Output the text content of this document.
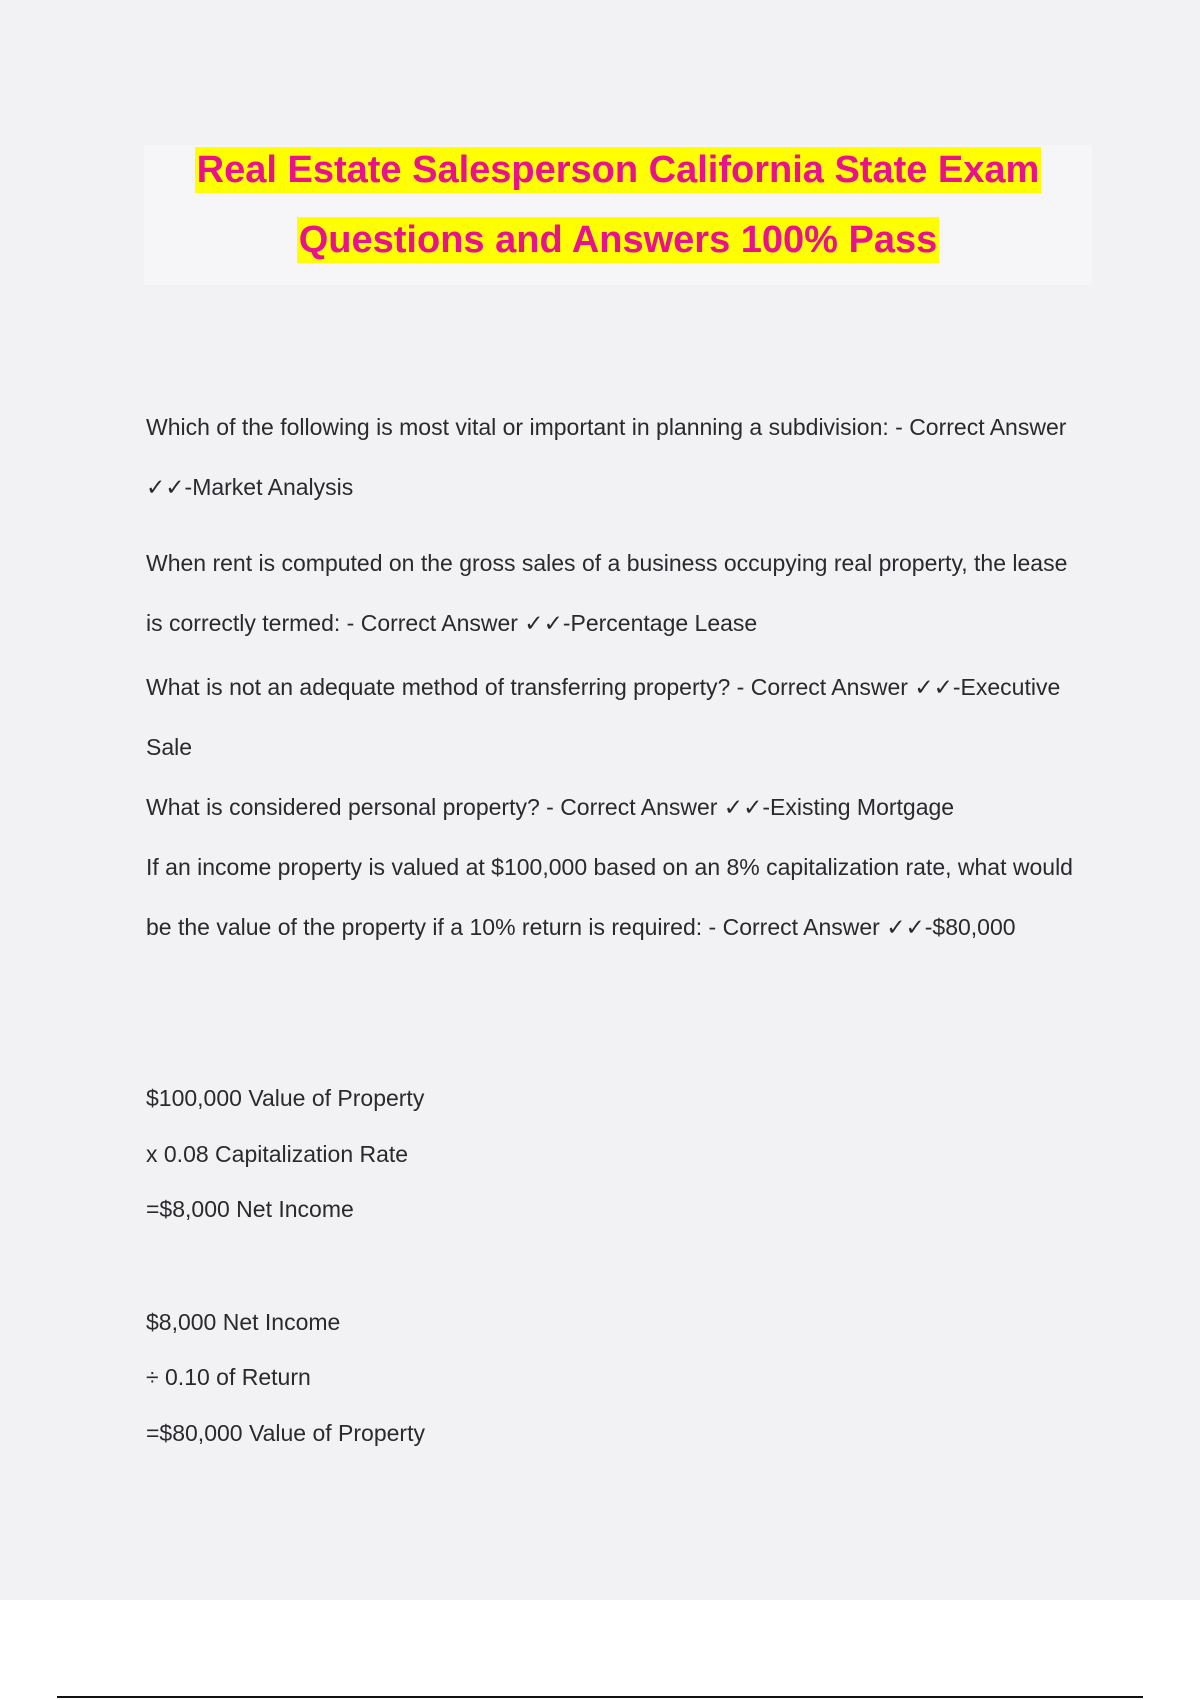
Real Estate Salesperson California State Exam
Questions and Answers 100% Pass

Which of the following is most vital or important in planning a subdivision: - Correct Answer ✓✓-Market Analysis

When rent is computed on the gross sales of a business occupying real property, the lease is correctly termed: - Correct Answer ✓✓-Percentage Lease

What is not an adequate method of transferring property? - Correct Answer ✓✓-Executive Sale

What is considered personal property? - Correct Answer ✓✓-Existing Mortgage

If an income property is valued at $100,000 based on an 8% capitalization rate, what would be the value of the property if a 10% return is required: - Correct Answer ✓✓-$80,000

$100,000 Value of Property

x 0.08 Capitalization Rate

=$8,000 Net Income

$8,000 Net Income

÷ 0.10 of Return

=$80,000 Value of Property
